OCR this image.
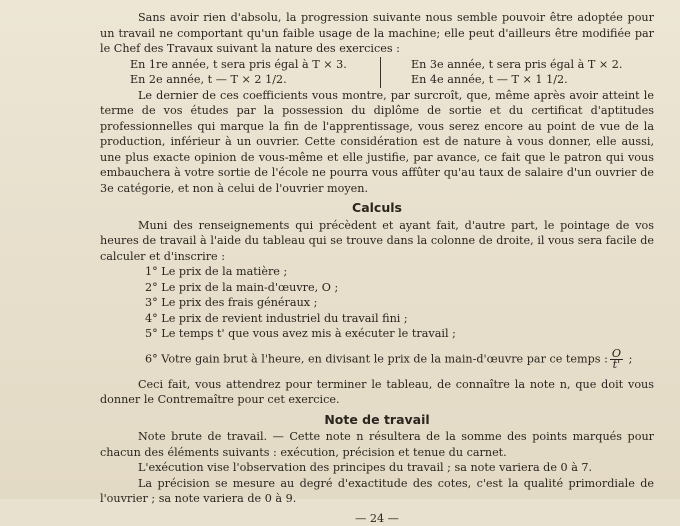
Sans avoir rien d'absolu, la progression suivante nous semble pouvoir être adoptée pour un travail ne comportant qu'un faible usage de la machine; elle peut d'ailleurs être modifiée par le Chef des Travaux suivant la nature des exercices :

En 1re année, t sera pris égal à T × 3.
En 2e année, t — T × 2 1/2.
En 3e année, t sera pris égal à T × 2.
En 4e année, t — T × 1 1/2.

Le dernier de ces coefficients vous montre, par surcroît, que, même après avoir atteint le terme de vos études par la possession du diplôme de sortie et du certificat d'aptitudes professionnelles qui marque la fin de l'apprentissage, vous serez encore au point de vue de la production, inférieur à un ouvrier. Cette considération est de nature à vous donner, elle aussi, une plus exacte opinion de vous-même et elle justifie, par avance, ce fait que le patron qui vous embauchera à votre sortie de l'école ne pourra vous affûter qu'au taux de salaire d'un ouvrier de 3e catégorie, et non à celui de l'ouvrier moyen.

Calculs

Muni des renseignements qui précèdent et ayant fait, d'autre part, le pointage de vos heures de travail à l'aide du tableau qui se trouve dans la colonne de droite, il vous sera facile de calculer et d'inscrire :

1° Le prix de la matière ;
2° Le prix de la main-d'œuvre, O ;
3° Le prix des frais généraux ;
4° Le prix de revient industriel du travail fini ;
5° Le temps t' que vous avez mis à exécuter le travail ;
6° Votre gain brut à l'heure, en divisant le prix de la main-d'œuvre par ce temps : $\frac{O}{t'}$ ;

Ceci fait, vous attendrez pour terminer le tableau, de connaître la note n, que doit vous donner le Contremaître pour cet exercice.

Note de travail

Note brute de travail. — Cette note n résultera de la somme des points marqués pour chacun des éléments suivants : exécution, précision et tenue du carnet.

L'exécution vise l'observation des principes du travail ; sa note variera de 0 à 7.

La précision se mesure au degré d'exactitude des cotes, c'est la qualité primordiale de l'ouvrier ; sa note variera de 0 à 9.

— 24 —
